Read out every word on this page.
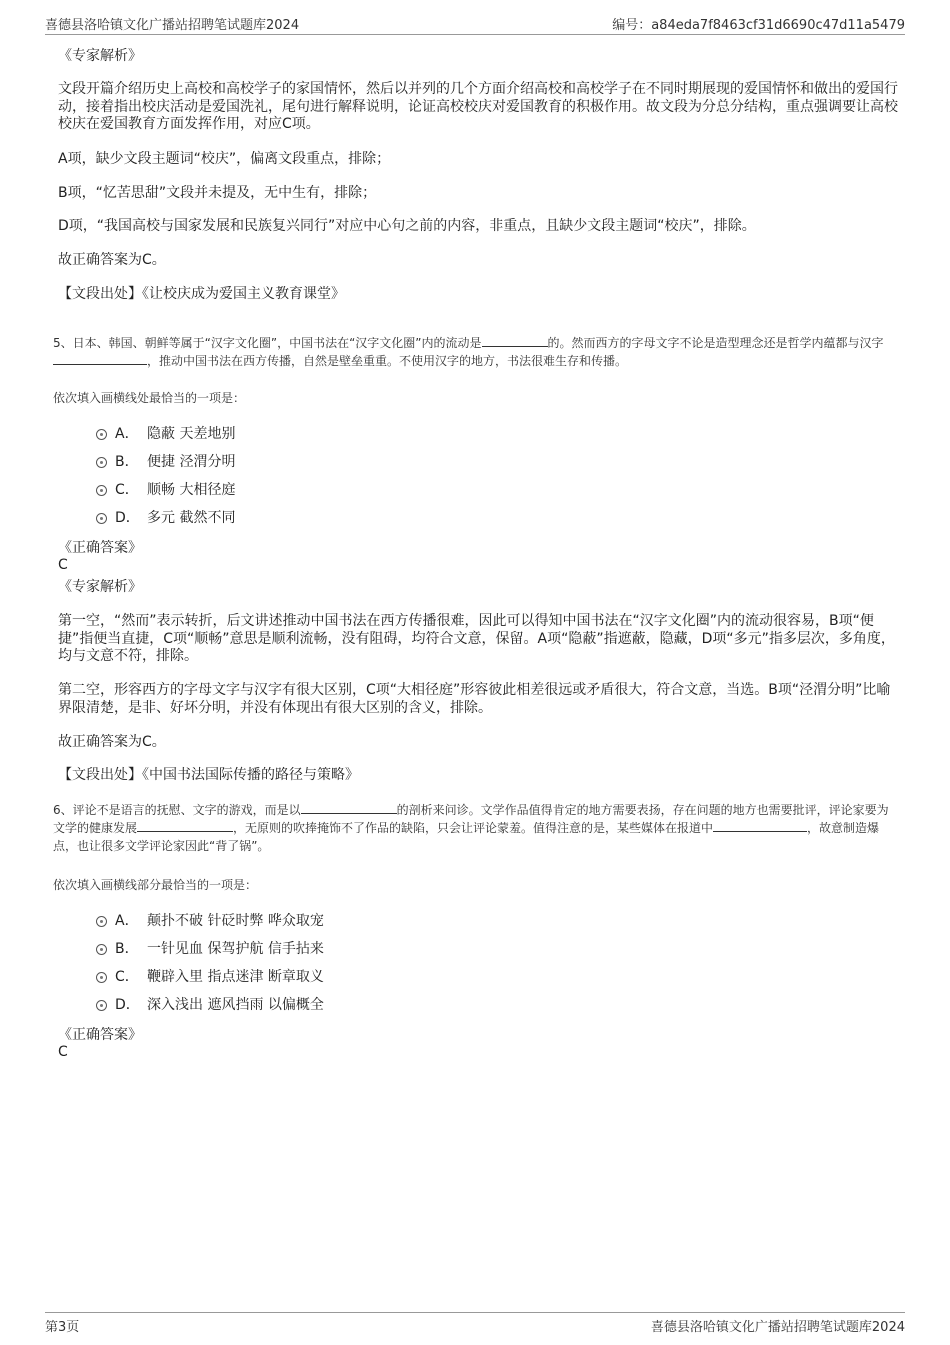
喜德县洛哈镇文化广播站招聘笔试题库2024	编号：a84eda7f8463cf31d6690c47d11a5479
《专家解析》
文段开篇介绍历史上高校和高校学子的家国情怀，然后以并列的几个方面介绍高校和高校学子在不同时期展现的爱国情怀和做出的爱国行动，接着指出校庆活动是爱国洗礼，尾句进行解释说明，论证高校校庆对爱国教育的积极作用。故文段为分总分结构，重点强调要让高校校庆在爱国教育方面发挥作用，对应C项。
A项，缺少文段主题词“校庆”，偏离文段重点，排除；
B项，“忆苦思甜”文段并未提及，无中生有，排除；
D项，“我国高校与国家发展和民族复兴同行”对应中心句之前的内容，非重点，且缺少文段主题词“校庆”，排除。
故正确答案为C。
【文段出处】《让校庆成为爱国主义教育课堂》
5、日本、韩国、朝鲜等属于“汉字文化圈”，中国书法在“汉字文化圈”内的流动是	的。然而西方的字母文字不论是造型理念还是哲学内蕴都与汉字，推动中国书法在西方传播，自然是壁垒重重。不使用汉字的地方，书法很难生存和传播。
依次填入画横线处最恰当的一项是：
A． 隐蔽 天差地别
B． 便捷 泾渭分明
C． 顺畅 大相径庭
D． 多元 截然不同
《正确答案》
C
《专家解析》
第一空，“然而”表示转折，后文讲述推动中国书法在西方传播很难，因此可以得知中国书法在“汉字文化圈”内的流动很容易，B项“便捷”指便当直捷，C项“顺畅”意思是顺利流畅，没有阻碍，均符合文意，保留。A项“隐蔽”指遮蔽，隐藏，D项“多元”指多层次，多角度，均与文意不符，排除。
第二空，形容西方的字母文字与汉字有很大区别，C项“大相径庭”形容彼此相差很远或矛盾很大，符合文意，当选。B项“泾渭分明”比喻界限清楚，是非、好坏分明，并没有体现出有很大区别的含义，排除。
故正确答案为C。
【文段出处】《中国书法国际传播的路径与策略》
6、评论不是语言的抚慰、文字的游戏，而是以	的剖析来问诊。文学作品值得肯定的地方需要表扬，存在问题的地方也需要批评，评论家要为文学的健康发展	，无原则的吹捧掩饰不了作品的缺陷，只会让评论蒙羞。值得注意的是，某些媒体在报道中	，故意制造爆点，也让很多文学评论家因此“背了锅”。
依次填入画横线部分最恰当的一项是：
A． 颠扑不破 针砭时弊 哗众取宠
B． 一针见血 保驾护航 信手拈来
C． 鞭辟入里 指点迷津 断章取义
D． 深入浅出 遮风挡雨 以偏概全
《正确答案》
C
第3页	喜德县洛哈镇文化广播站招聘笔试题库2024
